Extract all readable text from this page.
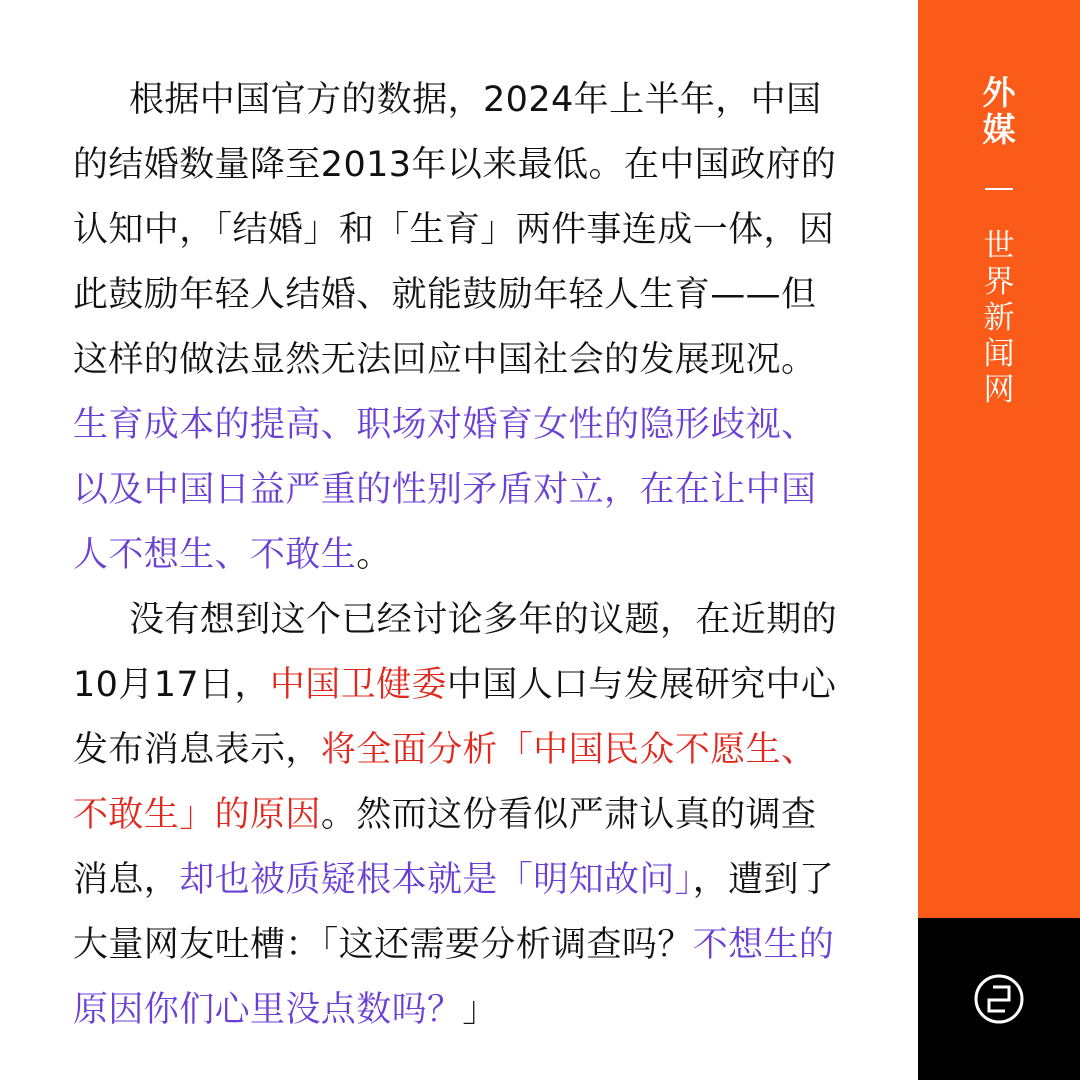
根据中国官方的数据，2024年上半年，中国的结婚数量降至2013年以来最低。在中国政府的认知中，「结婚」和「生育」两件事连成一体，因此鼓励年轻人结婚、就能鼓励年轻人生育——但这样的做法显然无法回应中国社会的发展现况。生育成本的提高、职场对婚育女性的隐形歧视、以及中国日益严重的性别矛盾对立，在在让中国人不想生、不敢生。

没有想到这个已经讨论多年的议题，在近期的10月17日，中国卫健委中国人口与发展研究中心发布消息表示，将全面分析「中国民众不愿生、不敢生」的原因。然而这份看似严肃认真的调查消息，却也被质疑根本就是「明知故问」，遭到了大量网友吐槽：「这还需要分析调查吗？不想生的原因你们心里没点数吗？」

外
媒
世
界
新
闻
网
